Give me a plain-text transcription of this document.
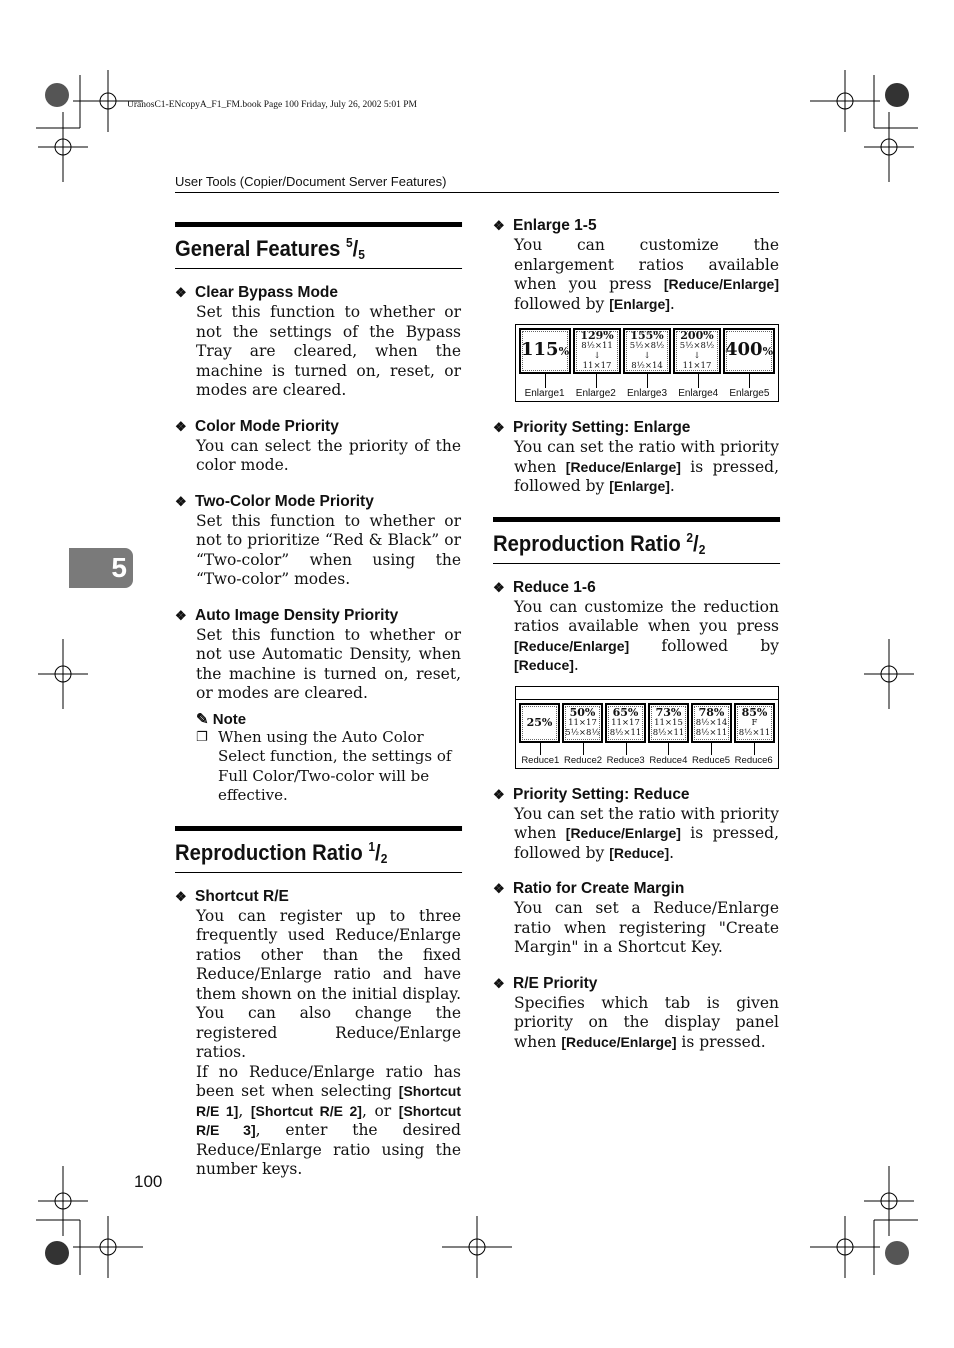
UranosC1-ENcopyA_F1_FM.book Page 100 Friday, July 26, 2002 5:01 PM
User Tools (Copier/Document Server Features)
5
General Features $^5/_5$
❖ Clear Bypass Mode
Set this function to whether or not the settings of the Bypass Tray are cleared, when the machine is turned on, reset, or modes are cleared.
❖ Color Mode Priority
You can select the priority of the color mode.
❖ Two-Color Mode Priority
Set this function to whether or not to prioritize “Red & Black” or “Two-color” when using the “Two-color” modes.
❖ Auto Image Density Priority
Set this function to whether or not use Automatic Density, when the machine is turned on, reset, or modes are cleared.
✎ Note
❐ When using the Auto Color Select function, the settings of Full Color/Two-color will be effective.
Reproduction Ratio $^1/_2$
❖ Shortcut R/E
You can register up to three frequently used Reduce/Enlarge ratios other than the fixed Reduce/Enlarge ratio and have them shown on the initial display. You can also change the registered Reduce/Enlarge ratios.
If no Reduce/Enlarge ratio has been set when selecting [Shortcut R/E 1], [Shortcut R/E 2], or [Shortcut R/E 3], enter the desired Reduce/Enlarge ratio using the number keys.
❖ Enlarge 1-5
You can customize the enlargement ratios available when you press [Reduce/Enlarge] followed by [Enlarge].
115%
129%
8½×11
↓
11×17
155%
5½×8½
↓
8½×14
200%
5½×8½
↓
11×17
400%
Enlarge1	Enlarge2	Enlarge3	Enlarge4	Enlarge5
❖ Priority Setting: Enlarge
You can set the ratio with priority when [Reduce/Enlarge] is pressed, followed by [Enlarge].
Reproduction Ratio $^2/_2$
❖ Reduce 1-6
You can customize the reduction ratios available when you press [Reduce/Enlarge] followed by [Reduce].
25%
50%
11×17
5½×8½
65%
11×17
8½×11
73%
11×15
8½×11
78%
8½×14
8½×11
85%
F
8½×11
Reduce1 Reduce2 Reduce3 Reduce4 Reduce5 Reduce6
❖ Priority Setting: Reduce
You can set the ratio with priority when [Reduce/Enlarge] is pressed, followed by [Reduce].
❖ Ratio for Create Margin
You can set a Reduce/Enlarge ratio when registering "Create Margin" in a Shortcut Key.
❖ R/E Priority
Specifies which tab is given priority on the display panel when [Reduce/Enlarge] is pressed.
100
